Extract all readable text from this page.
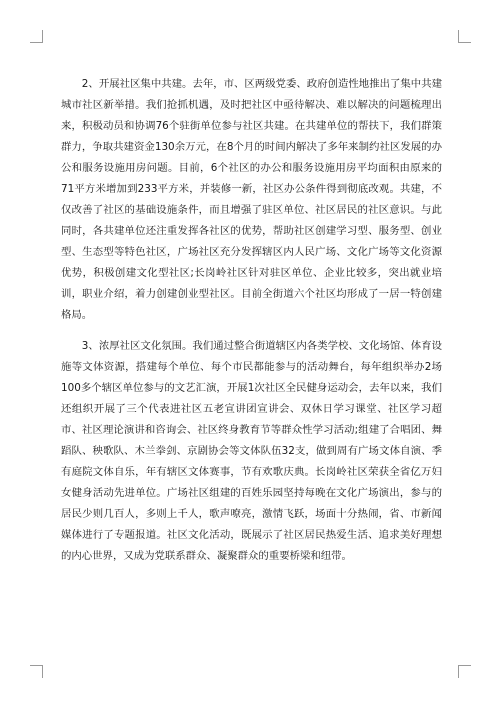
2、开展社区集中共建。去年，市、区两级党委、政府创造性地推出了集中共建城市社区新举措。我们抢抓机遇，及时把社区中亟待解决、难以解决的问题梳理出来，积极动员和协调76个驻街单位参与社区共建。在共建单位的帮扶下，我们群策群力，争取共建资金130余万元，在8个月的时间内解决了多年来制约社区发展的办公和服务设施用房问题。目前，6个社区的办公和服务设施用房平均面积由原来的71平方米增加到233平方米，并装修一新，社区办公条件得到彻底改观。共建，不仅改善了社区的基础设施条件，而且增强了驻区单位、社区居民的社区意识。与此同时，各共建单位还注重发挥各社区的优势，帮助社区创建学习型、服务型、创业型、生态型等特色社区，广场社区充分发挥辖区内人民广场、文化广场等文化资源优势，积极创建文化型社区;长岗岭社区针对驻区单位、企业比较多，突出就业培训，职业介绍，着力创建创业型社区。目前全街道六个社区均形成了一居一特创建格局。

3、浓厚社区文化氛围。我们通过整合街道辖区内各类学校、文化场馆、体育设施等文体资源，搭建每个单位、每个市民都能参与的活动舞台，每年组织举办2场100多个辖区单位参与的文艺汇演，开展1次社区全民健身运动会，去年以来，我们还组织开展了三个代表进社区五老宣讲团宣讲会、双休日学习课堂、社区学习超市、社区理论演讲和咨询会、社区终身教育节等群众性学习活动;组建了合唱团、舞蹈队、秧歌队、木兰拳剑、京剧协会等文体队伍32支，做到周有广场文体自演、季有庭院文体自乐，年有辖区文体赛事，节有欢歌庆典。长岗岭社区荣获全省亿万妇女健身活动先进单位。广场社区组建的百姓乐园坚持每晚在文化广场演出，参与的居民少则几百人，多则上千人，歌声嘹亮，激情飞跃，场面十分热闹，省、市新闻媒体进行了专题报道。社区文化活动，既展示了社区居民热爱生活、追求美好理想的内心世界，又成为党联系群众、凝聚群众的重要桥梁和纽带。
